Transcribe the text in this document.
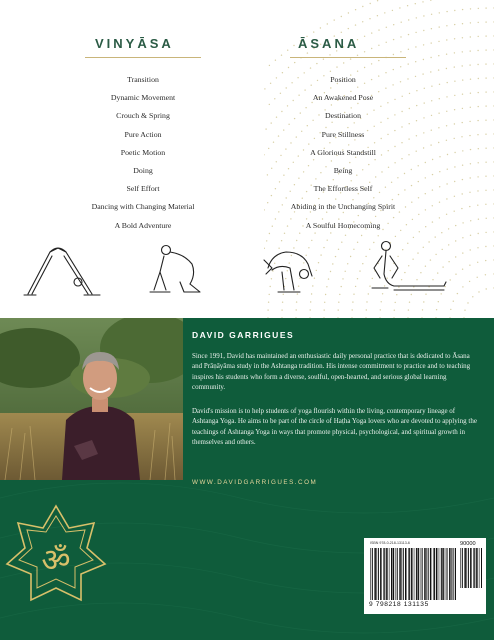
VINYĀSA
Transition
Dynamic Movement
Crouch & Spring
Pure Action
Poetic Motion
Doing
Self Effort
Dancing with Changing Material
A Bold Adventure
ĀSANA
Position
An Awakened Pose
Destination
Pure Stillness
A Glorious Standstill
Being
The Effortless Self
Abiding in the Unchanging Spirit
A Soulful Homecoming
DAVID GARRIGUES

Since 1991, David has maintained an enthusiastic daily personal practice that is dedicated to Āsana and Prāṇāyāma study in the Ashtanga tradition. His intense commitment to practice and to teaching inspires his students who form a diverse, soulful, open-hearted, and serious global learning community.

David's mission is to help students of yoga flourish within the living, contemporary lineage of Ashtanga Yoga. He aims to be part of the circle of Haṭha Yoga lovers who are devoted to applying the teachings of Ashtanga Yoga in ways that promote physical, psychological, and spiritual growth in themselves and others.

WWW.DAVIDGARRIGUES.COM
ॐ	ISBN 978-0-218-13113-6	90000
9 798218 131135
